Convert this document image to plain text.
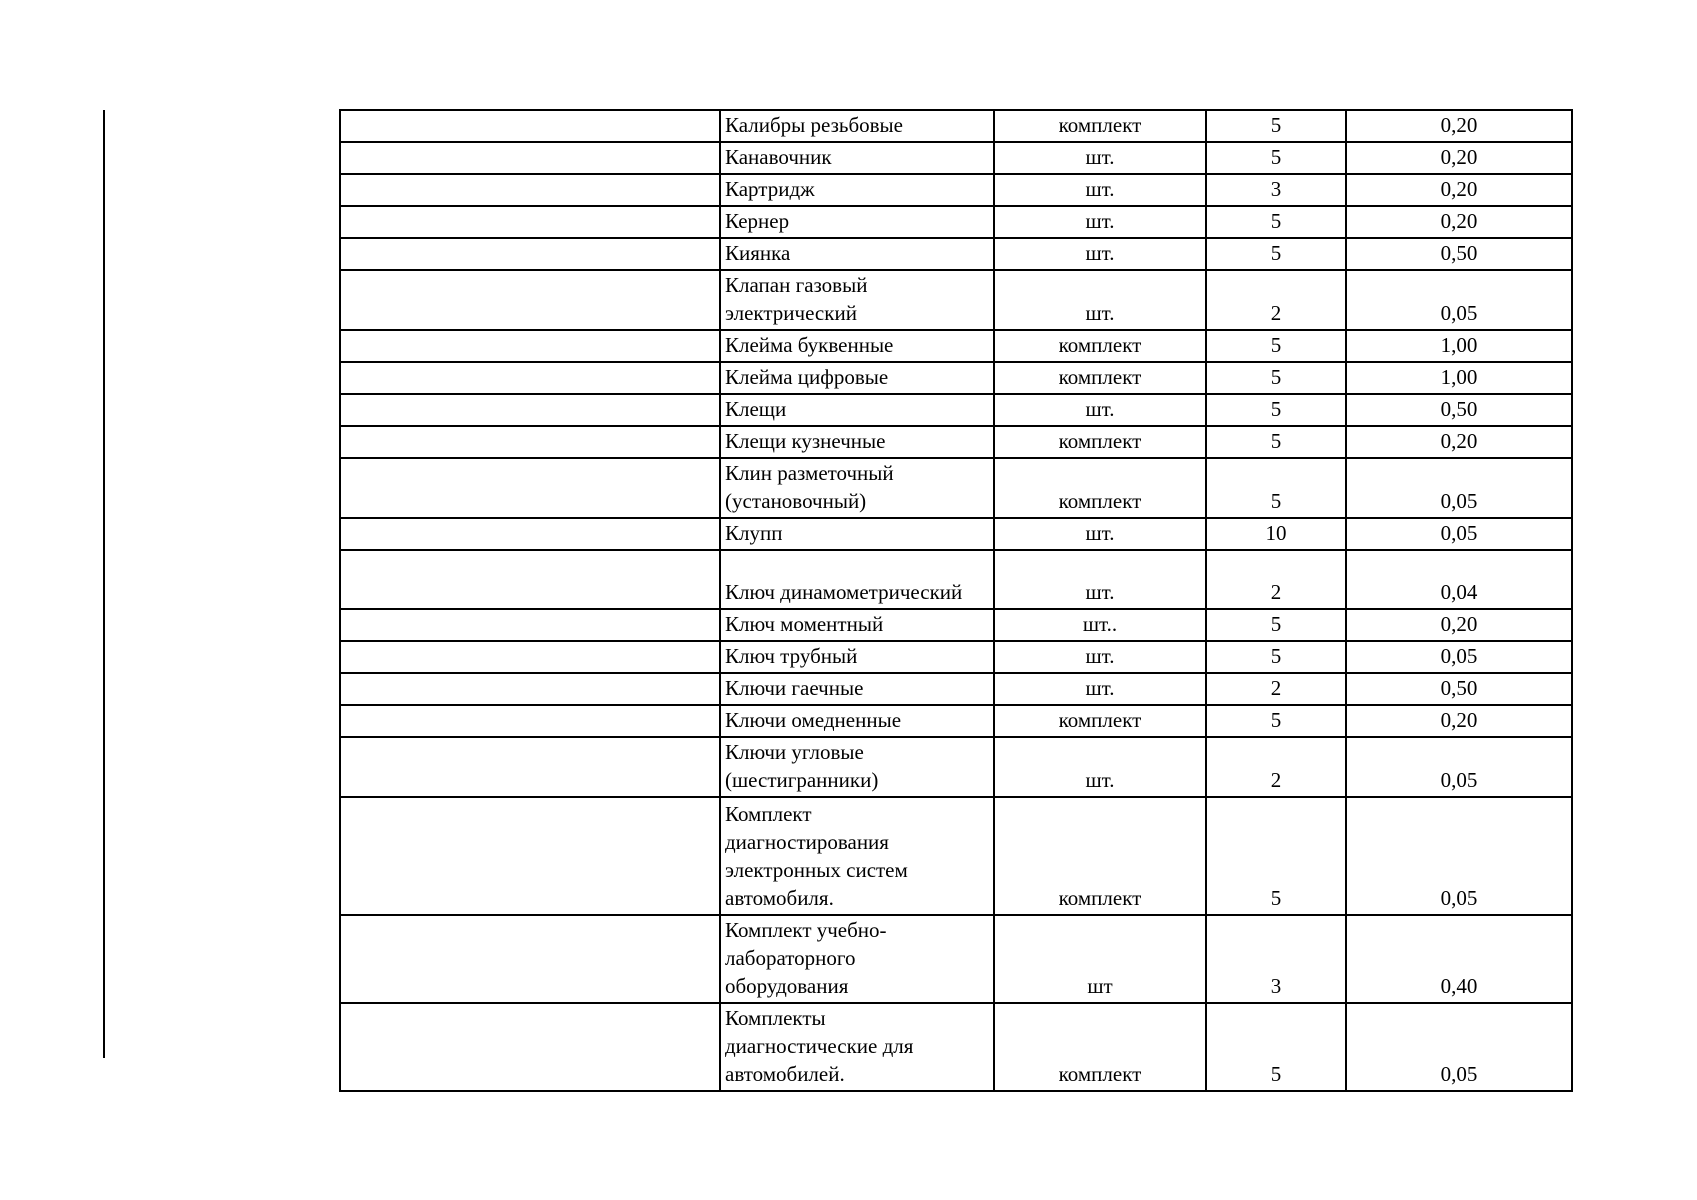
	Калибры резьбовые	комплект	5	0,20

	Канавочник	шт.	5	0,20

	Картридж	шт.	3	0,20

	Кернер	шт.	5	0,20

	Киянка	шт.	5	0,50

	Клапан газовый
электрический	шт.	2	0,05

	Клейма буквенные	комплект	5	1,00

	Клейма цифровые	комплект	5	1,00

	Клещи	шт.	5	0,50

	Клещи кузнечные	комплект	5	0,20

	Клин разметочный
(установочный)	комплект	5	0,05

	Клупп	шт.	10	0,05

	Ключ динамометрический	шт.	2	0,04

	Ключ моментный	шт..	5	0,20

	Ключ трубный	шт.	5	0,05

	Ключи гаечные	шт.	2	0,50

	Ключи омедненные	комплект	5	0,20

	Ключи угловые
(шестигранники)	шт.	2	0,05

	Комплект
диагностирования
электронных систем
автомобиля.	комплект	5	0,05

	Комплект учебно-
лабораторного
оборудования	шт	3	0,40

	Комплекты
диагностические для
автомобилей.	комплект	5	0,05
